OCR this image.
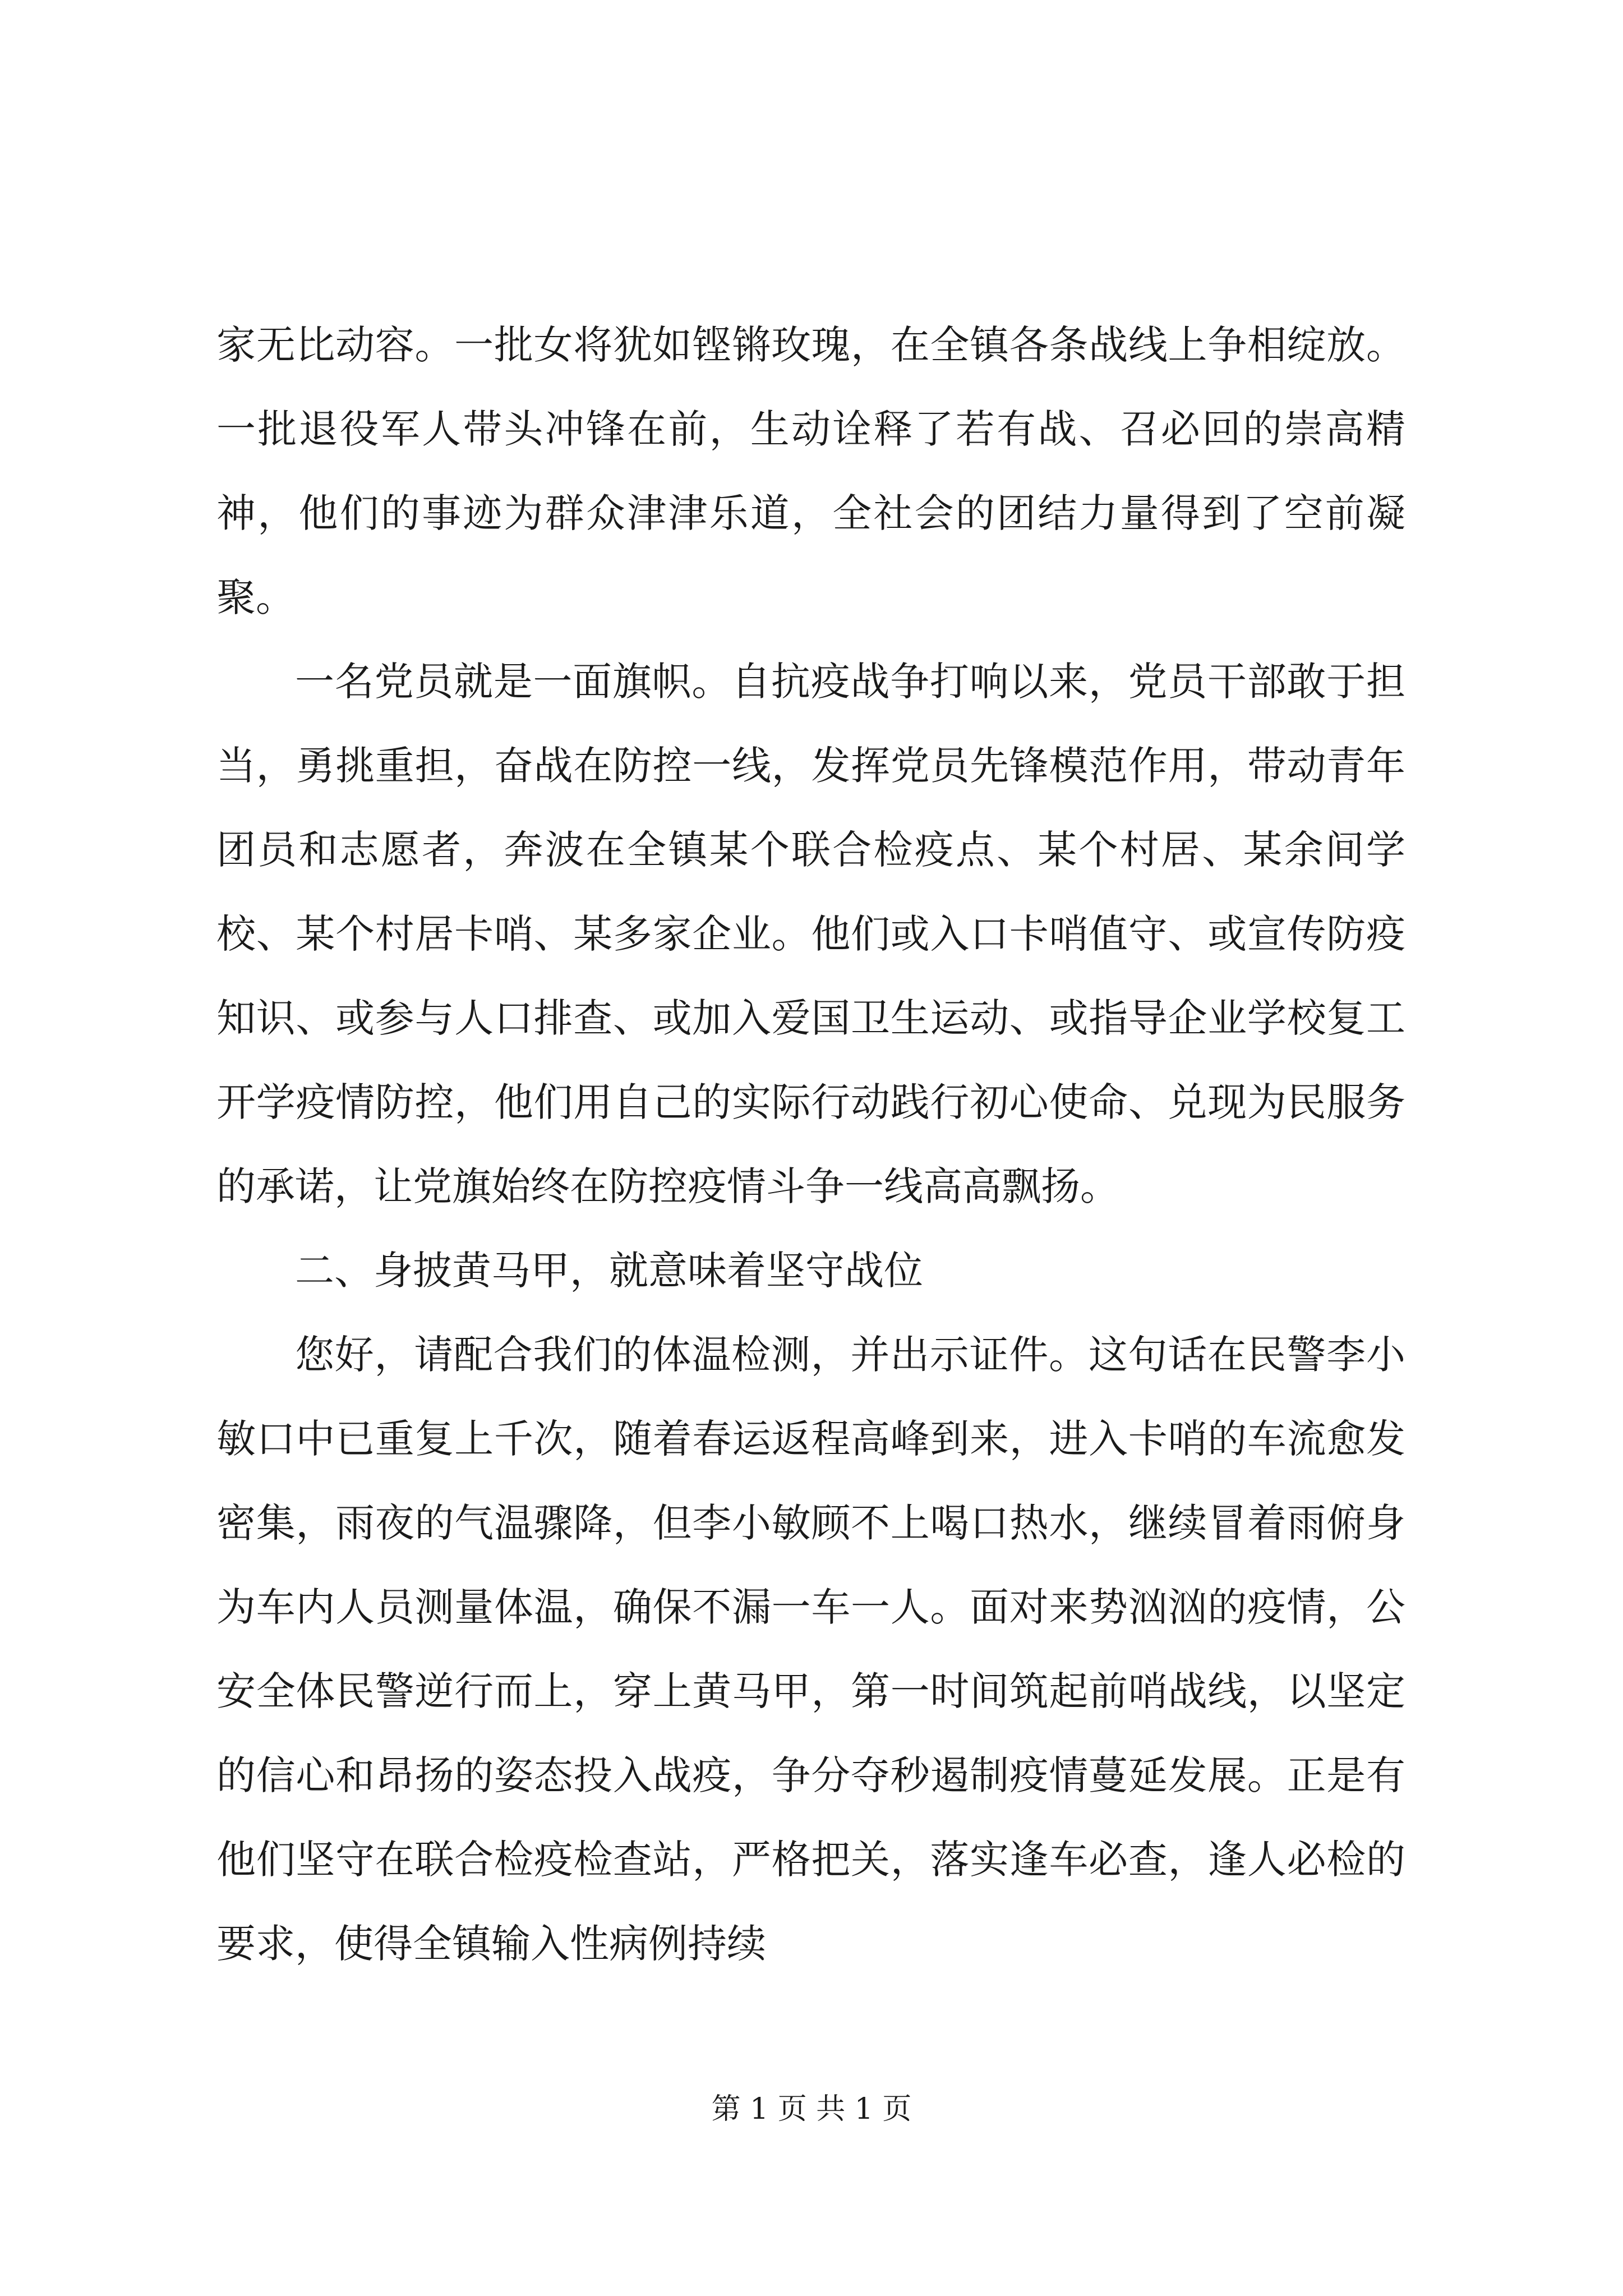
家无比动容。一批女将犹如铿锵玫瑰，在全镇各条战线上争相绽放。一批退役军人带头冲锋在前，生动诠释了若有战、召必回的崇高精神，他们的事迹为群众津津乐道，全社会的团结力量得到了空前凝聚。

一名党员就是一面旗帜。自抗疫战争打响以来，党员干部敢于担当，勇挑重担，奋战在防控一线，发挥党员先锋模范作用，带动青年团员和志愿者，奔波在全镇某个联合检疫点、某个村居、某余间学校、某个村居卡哨、某多家企业。他们或入口卡哨值守、或宣传防疫知识、或参与人口排查、或加入爱国卫生运动、或指导企业学校复工开学疫情防控，他们用自己的实际行动践行初心使命、兑现为民服务的承诺，让党旗始终在防控疫情斗争一线高高飘扬。

二、身披黄马甲，就意味着坚守战位

您好，请配合我们的体温检测，并出示证件。这句话在民警李小敏口中已重复上千次，随着春运返程高峰到来，进入卡哨的车流愈发密集，雨夜的气温骤降，但李小敏顾不上喝口热水，继续冒着雨俯身为车内人员测量体温，确保不漏一车一人。面对来势汹汹的疫情，公安全体民警逆行而上，穿上黄马甲，第一时间筑起前哨战线，以坚定的信心和昂扬的姿态投入战疫，争分夺秒遏制疫情蔓延发展。正是有他们坚守在联合检疫检查站，严格把关，落实逢车必查，逢人必检的要求，使得全镇输入性病例持续

第 1 页 共 1 页
